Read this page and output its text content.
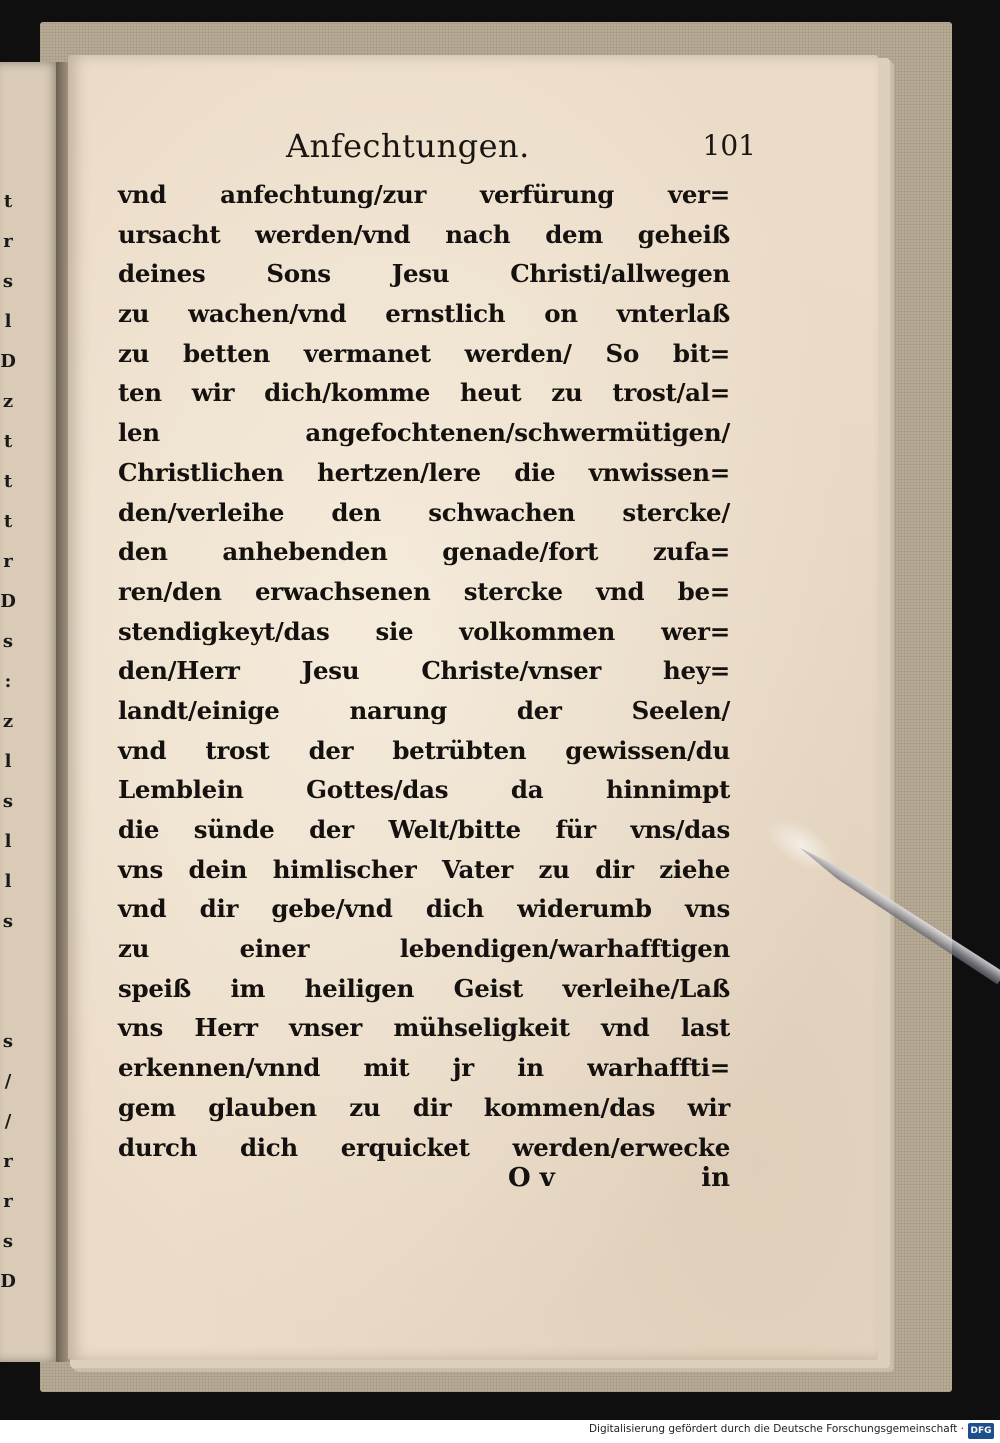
t
r
s
l
D
z
t
t
t
r
D
s
:
z
l
s
l
l
s

s
/
/
r
r
s
D
Anfechtungen.	101
vnd anfechtung/zur verfürung ver=
ursacht werden/vnd nach dem geheiß
deines Sons Jesu Christi/allwegen
zu wachen/vnd ernstlich on vnterlaß
zu betten vermanet werden/ So bit=
ten wir dich/komme heut zu trost/al=
len angefochtenen/schwermütigen/
Christlichen hertzen/lere die vnwissen=
den/verleihe den schwachen stercke/
den anhebenden genade/fort zufa=
ren/den erwachsenen stercke vnd be=
stendigkeyt/das sie volkommen wer=
den/Herr Jesu Christe/vnser hey=
landt/einige narung der Seelen/
vnd trost der betrübten gewissen/du
Lemblein Gottes/das da hinnimpt
die sünde der Welt/bitte für vns/das
vns dein himlischer Vater zu dir ziehe
vnd dir gebe/vnd dich widerumb vns
zu einer lebendigen/warhafftigen
speiß im heiligen Geist verleihe/Laß
vns Herr vnser mühseligkeit vnd last
erkennen/vnnd mit jr in warhaffti=
gem glauben zu dir kommen/das wir
durch dich erquicket werden/erwecke
O v	in
Digitalisierung gefördert durch die Deutsche Forschungsgemeinschaft · DFG
